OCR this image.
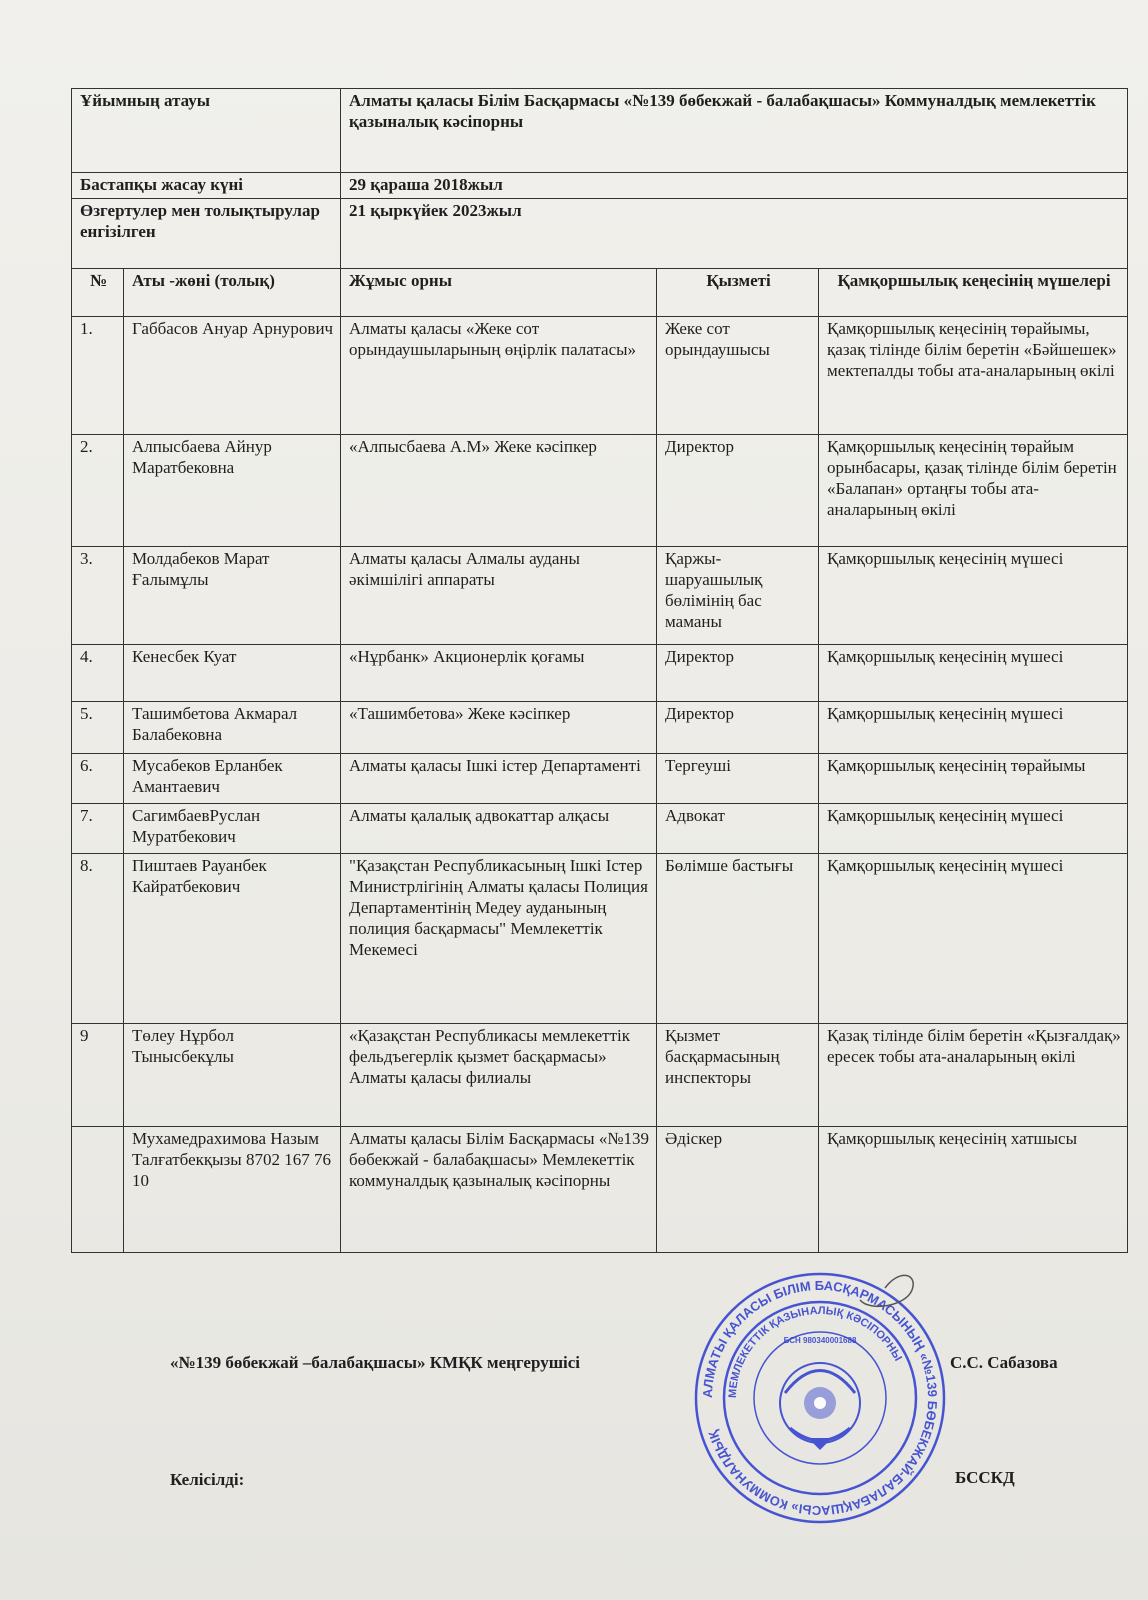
Ұйымның атауы		Алматы қаласы Білім Басқармасы «№139 бөбекжай - балабақшасы» Коммуналдық мемлекеттік қазыналық кәсіпорны		
Бастапқы жасау күні		29 қараша 2018жыл		
Өзгертулер мен толықтырулар енгізілген		21 қыркүйек 2023жыл		
№	Аты -жөні (толық)	Жұмыс орны	Қызметі	Қамқоршылық кеңесінің мүшелері
1.	Габбасов Ануар Арнурович	Алматы қаласы «Жеке сот орындаушыларының өңірлік палатасы»	Жеке сот орындаушысы	Қамқоршылық кеңесінің төрайымы, қазақ тілінде білім беретін «Бәйшешек» мектепалды тобы ата-аналарының өкілі
2.	Алпысбаева Айнур Маратбековна	«Алпысбаева А.М» Жеке кәсіпкер	Директор	Қамқоршылық кеңесінің төрайым орынбасары, қазақ тілінде білім беретін «Балапан» ортаңғы тобы ата-аналарының өкілі
3.	Молдабеков Марат Ғалымұлы	Алматы қаласы Алмалы ауданы әкімшілігі аппараты	Қаржы-шаруашылық бөлімінің бас маманы	Қамқоршылық кеңесінің мүшесі
4.	Кенесбек Куат	«Нұрбанк» Акционерлік қоғамы	Директор	Қамқоршылық кеңесінің мүшесі
5.	Ташимбетова Акмарал Балабековна	«Ташимбетова» Жеке кәсіпкер	Директор	Қамқоршылық кеңесінің мүшесі
6.	Мусабеков Ерланбек Амантаевич	Алматы қаласы Ішкі істер Департаменті	Тергеуші	Қамқоршылық кеңесінің төрайымы
7.	СагимбаевРуслан Муратбекович	Алматы қалалық адвокаттар алқасы	Адвокат	Қамқоршылық кеңесінің мүшесі
8.	Пиштаев Рауанбек Кайратбекович	"Қазақстан Республикасының Ішкі Істер Министрлігінің Алматы қаласы Полиция Департаментінің Медеу ауданының полиция басқармасы" Мемлекеттік Мекемесі	Бөлімше бастығы	Қамқоршылық кеңесінің мүшесі
9	Төлеу Нұрбол Тынысбекұлы	«Қазақстан Республикасы мемлекеттік фельдъегерлік қызмет басқармасы» Алматы қаласы филиалы	Қызмет басқармасының инспекторы	Қазақ тілінде білім беретін «Қызғалдақ» ересек тобы ата-аналарының өкілі
	Мухамедрахимова Назым Талғатбекқызы 8702 167 76 10	Алматы қаласы Білім Басқармасы «№139 бөбекжай - балабақшасы» Мемлекеттік коммуналдық қазыналық кәсіпорны	Әдіскер	Қамқоршылық кеңесінің хатшысы
«№139 бөбекжай –балабақшасы» КМҚК меңгерушісі	С.С. Сабазова
Келісілді:	БССКД
АЛМАТЫ ҚАЛАСЫ БІЛІМ БАСҚАРМАСЫНЫҢ «№139 БӨБЕКЖАЙ-БАЛАБАҚШАСЫ» КОММУНАЛДЫҚ
МЕМЛЕКЕТТІК ҚАЗЫНАЛЫҚ КӘСІПОРНЫ
БСН 980340001688
